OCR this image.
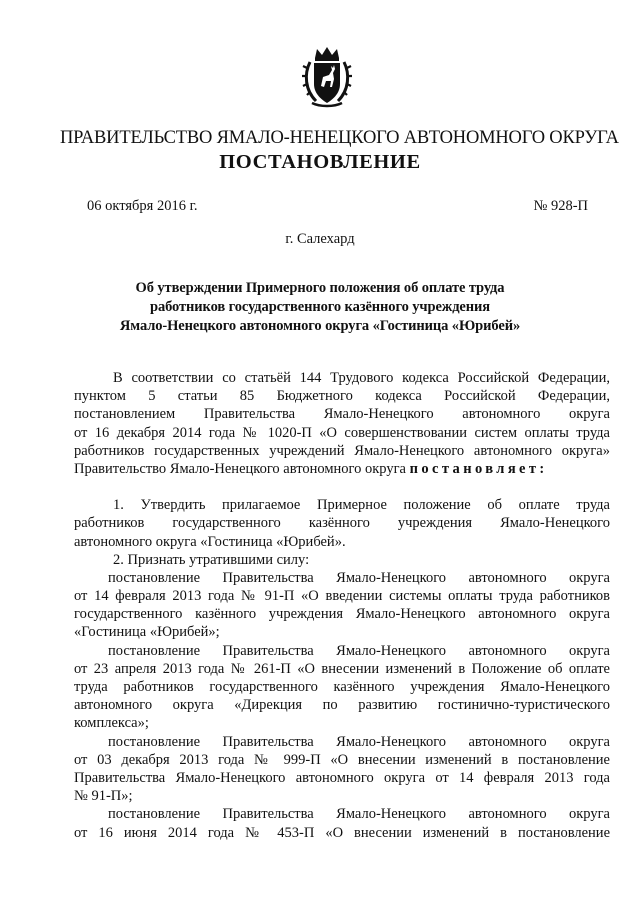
ПРАВИТЕЛЬСТВО ЯМАЛО-НЕНЕЦКОГО АВТОНОМНОГО ОКРУГА
ПОСТАНОВЛЕНИЕ
06 октября 2016 г.	№ 928-П
г. Салехард
Об утверждении Примерного положения об оплате труда
работников государственного казённого учреждения
Ямало-Ненецкого автономного округа «Гостиница «Юрибей»
В соответствии со статьёй 144 Трудового кодекса Российской Федерации,
пунктом 5 статьи 85 Бюджетного кодекса Российской Федерации,
постановлением Правительства Ямало-Ненецкого автономного округа
от 16 декабря 2014 года № 1020-П «О совершенствовании систем оплаты труда
работников государственных учреждений Ямало-Ненецкого автономного округа»
Правительство Ямало-Ненецкого автономного округа постановляет:
1. Утвердить прилагаемое Примерное положение об оплате труда
работников государственного казённого учреждения Ямало-Ненецкого
автономного округа «Гостиница «Юрибей».
2. Признать утратившими силу:
постановление Правительства Ямало-Ненецкого автономного округа
от 14 февраля 2013 года № 91-П «О введении системы оплаты труда работников
государственного казённого учреждения Ямало-Ненецкого автономного округа
«Гостиница «Юрибей»;
постановление Правительства Ямало-Ненецкого автономного округа
от 23 апреля 2013 года № 261-П «О внесении изменений в Положение об оплате
труда работников государственного казённого учреждения Ямало-Ненецкого
автономного округа «Дирекция по развитию гостинично-туристического
комплекса»;
постановление Правительства Ямало-Ненецкого автономного округа
от 03 декабря 2013 года № 999-П «О внесении изменений в постановление
Правительства Ямало-Ненецкого автономного округа от 14 февраля 2013 года
№ 91-П»;
постановление Правительства Ямало-Ненецкого автономного округа
от 16 июня 2014 года № 453-П «О внесении изменений в постановление
